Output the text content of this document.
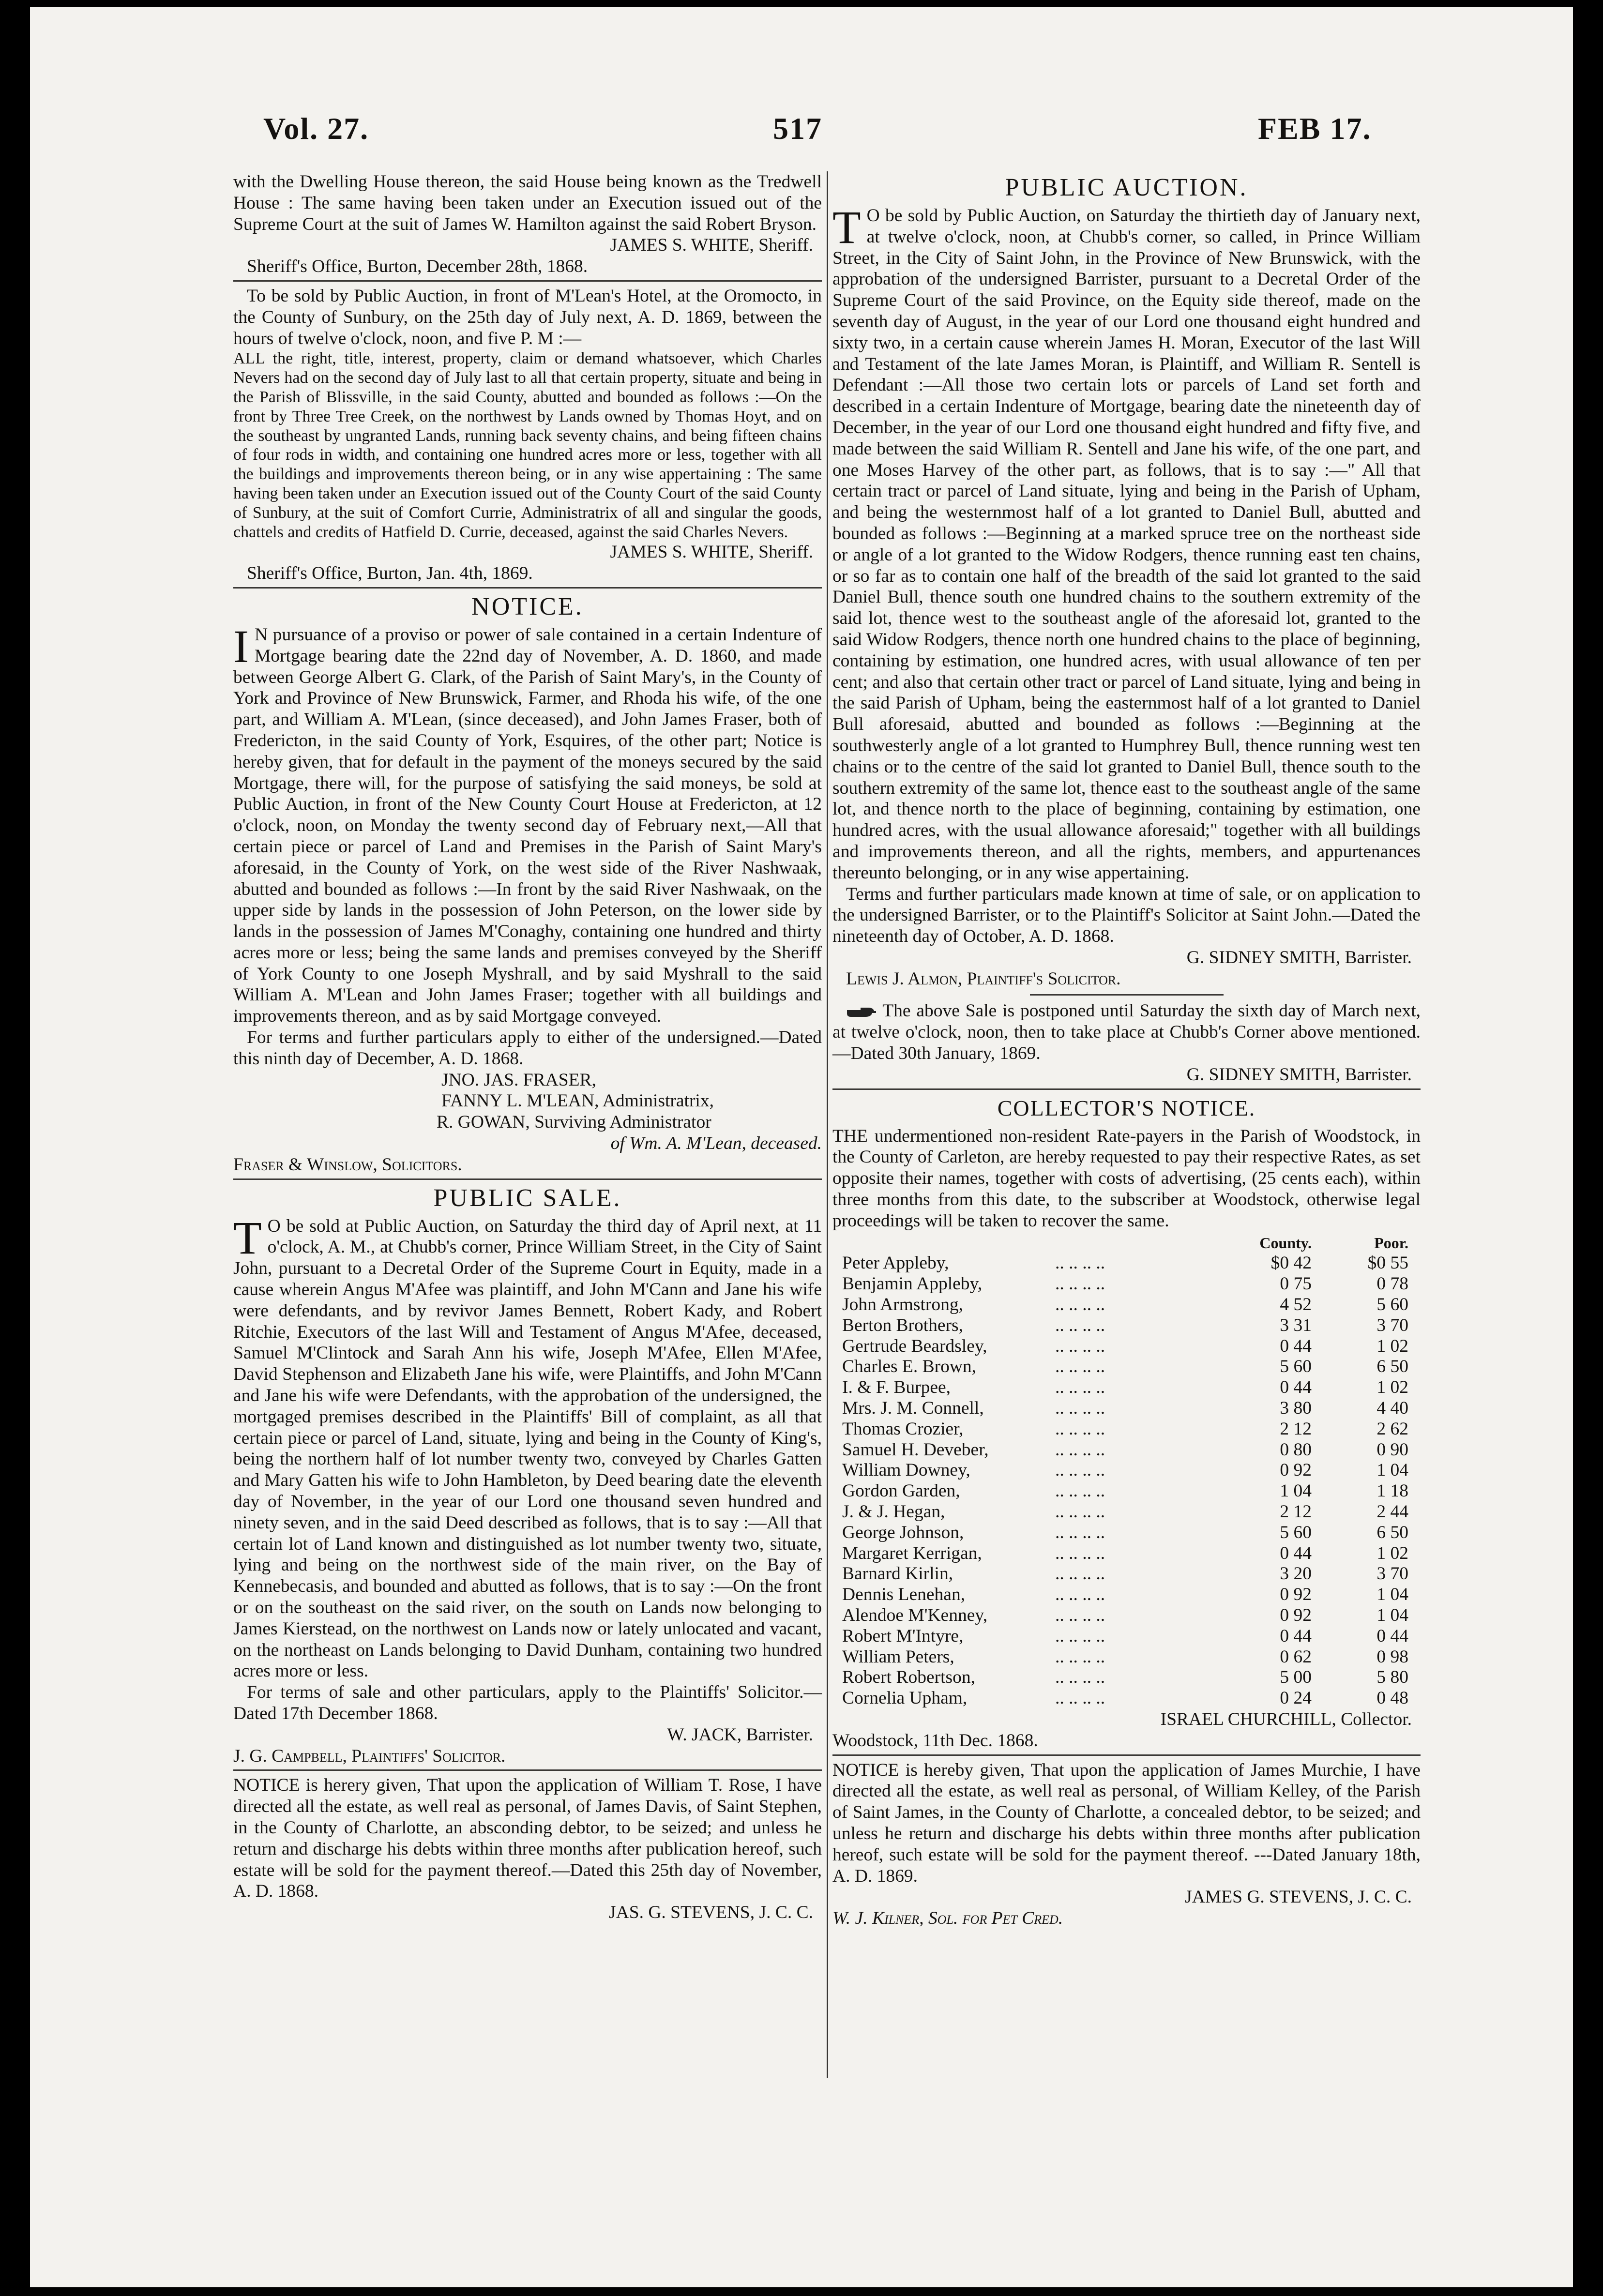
Vol. 27.	517	FEB 17.

with the Dwelling House thereon, the said House being known as the Tredwell House : The same having been taken under an Execution issued out of the Supreme Court at the suit of James W. Hamilton against the said Robert Bryson.

JAMES S. WHITE, Sheriff.

Sheriff's Office, Burton, December 28th, 1868.

To be sold by Public Auction, in front of M'Lean's Hotel, at the Oromocto, in the County of Sunbury, on the 25th day of July next, A. D. 1869, between the hours of twelve o'clock, noon, and five P. M :—

ALL the right, title, interest, property, claim or demand whatsoever, which Charles Nevers had on the second day of July last to all that certain property, situate and being in the Parish of Blissville, in the said County, abutted and bounded as follows :—On the front by Three Tree Creek, on the northwest by Lands owned by Thomas Hoyt, and on the southeast by ungranted Lands, running back seventy chains, and being fifteen chains of four rods in width, and containing one hundred acres more or less, together with all the buildings and improvements thereon being, or in any wise appertaining : The same having been taken under an Execution issued out of the County Court of the said County of Sunbury, at the suit of Comfort Currie, Administratrix of all and singular the goods, chattels and credits of Hatfield D. Currie, deceased, against the said Charles Nevers.

JAMES S. WHITE, Sheriff.

Sheriff's Office, Burton, Jan. 4th, 1869.

NOTICE.

I N pursuance of a proviso or power of sale contained in a certain Indenture of Mortgage bearing date the 22nd day of November, A. D. 1860, and made between George Albert G. Clark, of the Parish of Saint Mary's, in the County of York and Province of New Brunswick, Farmer, and Rhoda his wife, of the one part, and William A. M'Lean, (since deceased), and John James Fraser, both of Fredericton, in the said County of York, Esquires, of the other part; Notice is hereby given, that for default in the payment of the moneys secured by the said Mortgage, there will, for the purpose of satisfying the said moneys, be sold at Public Auction, in front of the New County Court House at Fredericton, at 12 o'clock, noon, on Monday the twenty second day of February next,—All that certain piece or parcel of Land and Premises in the Parish of Saint Mary's aforesaid, in the County of York, on the west side of the River Nashwaak, abutted and bounded as follows :—In front by the said River Nashwaak, on the upper side by lands in the possession of John Peterson, on the lower side by lands in the possession of James M'Conaghy, containing one hundred and thirty acres more or less; being the same lands and premises conveyed by the Sheriff of York County to one Joseph Myshrall, and by said Myshrall to the said William A. M'Lean and John James Fraser; together with all buildings and improvements thereon, and as by said Mortgage conveyed.

For terms and further particulars apply to either of the undersigned.—Dated this ninth day of December, A. D. 1868.

JNO. JAS. FRASER,

FANNY L. M'LEAN, Administratrix,

R. GOWAN, Surviving Administrator

of Wm. A. M'Lean, deceased.

Fraser & Winslow, Solicitors.

PUBLIC SALE.

T O be sold at Public Auction, on Saturday the third day of April next, at 11 o'clock, A. M., at Chubb's corner, Prince William Street, in the City of Saint John, pursuant to a Decretal Order of the Supreme Court in Equity, made in a cause wherein Angus M'Afee was plaintiff, and John M'Cann and Jane his wife were defendants, and by revivor James Bennett, Robert Kady, and Robert Ritchie, Executors of the last Will and Testament of Angus M'Afee, deceased, Samuel M'Clintock and Sarah Ann his wife, Joseph M'Afee, Ellen M'Afee, David Stephenson and Elizabeth Jane his wife, were Plaintiffs, and John M'Cann and Jane his wife were Defendants, with the approbation of the undersigned, the mortgaged premises described in the Plaintiffs' Bill of complaint, as all that certain piece or parcel of Land, situate, lying and being in the County of King's, being the northern half of lot number twenty two, conveyed by Charles Gatten and Mary Gatten his wife to John Hambleton, by Deed bearing date the eleventh day of November, in the year of our Lord one thousand seven hundred and ninety seven, and in the said Deed described as follows, that is to say :—All that certain lot of Land known and distinguished as lot number twenty two, situate, lying and being on the northwest side of the main river, on the Bay of Kennebecasis, and bounded and abutted as follows, that is to say :—On the front or on the southeast on the said river, on the south on Lands now belonging to James Kierstead, on the northwest on Lands now or lately unlocated and vacant, on the northeast on Lands belonging to David Dunham, containing two hundred acres more or less.

For terms of sale and other particulars, apply to the Plaintiffs' Solicitor.—Dated 17th December 1868.

W. JACK, Barrister.

J. G. Campbell, Plaintiffs' Solicitor.

NOTICE is herery given, That upon the application of William T. Rose, I have directed all the estate, as well real as personal, of James Davis, of Saint Stephen, in the County of Charlotte, an absconding debtor, to be seized; and unless he return and discharge his debts within three months after publication hereof, such estate will be sold for the payment thereof.—Dated this 25th day of November, A. D. 1868.

JAS. G. STEVENS, J. C. C.

PUBLIC AUCTION.

T O be sold by Public Auction, on Saturday the thirtieth day of January next, at twelve o'clock, noon, at Chubb's corner, so called, in Prince William Street, in the City of Saint John, in the Province of New Brunswick, with the approbation of the undersigned Barrister, pursuant to a Decretal Order of the Supreme Court of the said Province, on the Equity side thereof, made on the seventh day of August, in the year of our Lord one thousand eight hundred and sixty two, in a certain cause wherein James H. Moran, Executor of the last Will and Testament of the late James Moran, is Plaintiff, and William R. Sentell is Defendant :—All those two certain lots or parcels of Land set forth and described in a certain Indenture of Mortgage, bearing date the nineteenth day of December, in the year of our Lord one thousand eight hundred and fifty five, and made between the said William R. Sentell and Jane his wife, of the one part, and one Moses Harvey of the other part, as follows, that is to say :—" All that certain tract or parcel of Land situate, lying and being in the Parish of Upham, and being the westernmost half of a lot granted to Daniel Bull, abutted and bounded as follows :—Beginning at a marked spruce tree on the northeast side or angle of a lot granted to the Widow Rodgers, thence running east ten chains, or so far as to contain one half of the breadth of the said lot granted to the said Daniel Bull, thence south one hundred chains to the southern extremity of the said lot, thence west to the southeast angle of the aforesaid lot, granted to the said Widow Rodgers, thence north one hundred chains to the place of beginning, containing by estimation, one hundred acres, with usual allowance of ten per cent; and also that certain other tract or parcel of Land situate, lying and being in the said Parish of Upham, being the easternmost half of a lot granted to Daniel Bull aforesaid, abutted and bounded as follows :—Beginning at the southwesterly angle of a lot granted to Humphrey Bull, thence running west ten chains or to the centre of the said lot granted to Daniel Bull, thence south to the southern extremity of the same lot, thence east to the southeast angle of the same lot, and thence north to the place of beginning, containing by estimation, one hundred acres, with the usual allowance aforesaid;" together with all buildings and improvements thereon, and all the rights, members, and appurtenances thereunto belonging, or in any wise appertaining.

Terms and further particulars made known at time of sale, or on application to the undersigned Barrister, or to the Plaintiff's Solicitor at Saint John.—Dated the nineteenth day of October, A. D. 1868.

G. SIDNEY SMITH, Barrister.

Lewis J. Almon, Plaintiff's Solicitor.

The above Sale is postponed until Saturday the sixth day of March next, at twelve o'clock, noon, then to take place at Chubb's Corner above mentioned.—Dated 30th January, 1869.

G. SIDNEY SMITH, Barrister.

COLLECTOR'S NOTICE.

THE undermentioned non-resident Rate-payers in the Parish of Woodstock, in the County of Carleton, are hereby requested to pay their respective Rates, as set opposite their names, together with costs of advertising, (25 cents each), within three months from this date, to the subscriber at Woodstock, otherwise legal proceedings will be taken to recover the same.

		County.	Poor.
Peter Appleby,	.. .. .. ..	$0 42	$0 55
Benjamin Appleby,	.. .. .. ..	0 75	0 78
John Armstrong,	.. .. .. ..	4 52	5 60
Berton Brothers,	.. .. .. ..	3 31	3 70
Gertrude Beardsley,	.. .. .. ..	0 44	1 02
Charles E. Brown,	.. .. .. ..	5 60	6 50
I. & F. Burpee,	.. .. .. ..	0 44	1 02
Mrs. J. M. Connell,	.. .. .. ..	3 80	4 40
Thomas Crozier,	.. .. .. ..	2 12	2 62
Samuel H. Deveber,	.. .. .. ..	0 80	0 90
William Downey,	.. .. .. ..	0 92	1 04
Gordon Garden,	.. .. .. ..	1 04	1 18
J. & J. Hegan,	.. .. .. ..	2 12	2 44
George Johnson,	.. .. .. ..	5 60	6 50
Margaret Kerrigan,	.. .. .. ..	0 44	1 02
Barnard Kirlin,	.. .. .. ..	3 20	3 70
Dennis Lenehan,	.. .. .. ..	0 92	1 04
Alendoe M'Kenney,	.. .. .. ..	0 92	1 04
Robert M'Intyre,	.. .. .. ..	0 44	0 44
William Peters,	.. .. .. ..	0 62	0 98
Robert Robertson,	.. .. .. ..	5 00	5 80
Cornelia Upham,	.. .. .. ..	0 24	0 48

ISRAEL CHURCHILL, Collector.

Woodstock, 11th Dec. 1868.

NOTICE is hereby given, That upon the application of James Murchie, I have directed all the estate, as well real as personal, of William Kelley, of the Parish of Saint James, in the County of Charlotte, a concealed debtor, to be seized; and unless he return and discharge his debts within three months after publication hereof, such estate will be sold for the payment thereof. ---Dated January 18th, A. D. 1869.

JAMES G. STEVENS, J. C. C.

W. J. Kilner, Sol. for Pet Cred.
